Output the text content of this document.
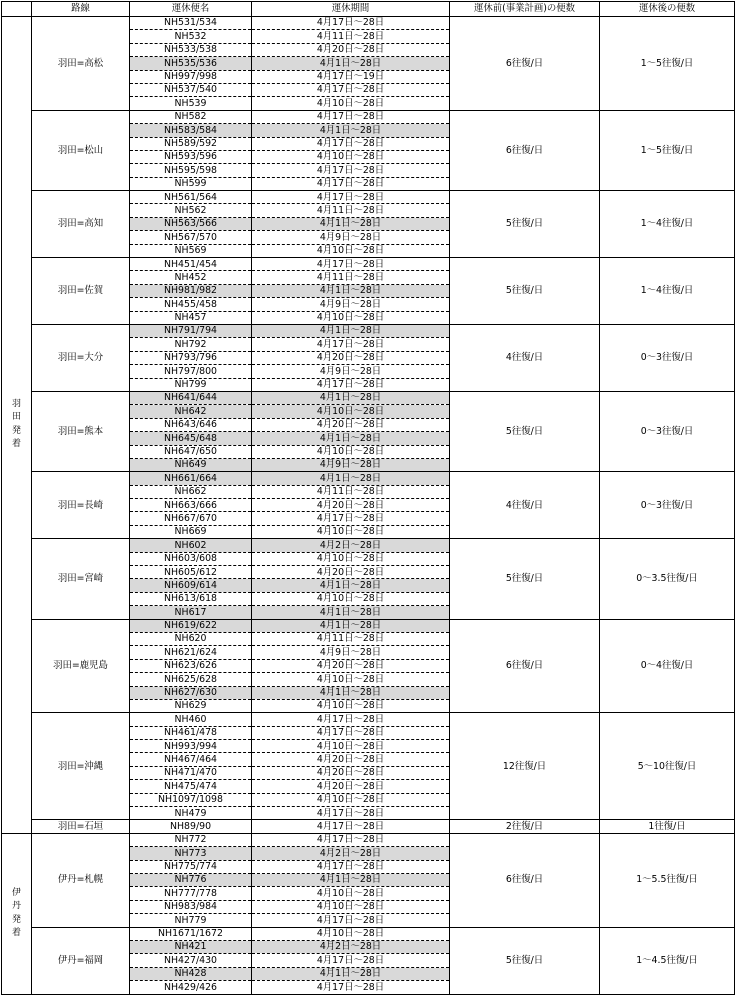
	路線	運休便名	運休期間	運休前(事業計画)の便数	運休後の便数

羽
田
発
着	羽田=高松	NH531/534	4月17日～28日	6往復/日	1～5往復/日
		NH532	4月11日～28日		
		NH533/538	4月20日～28日		
		NH535/536	4月1日～28日		
		NH997/998	4月17日～19日		
		NH537/540	4月17日～28日		
		NH539	4月10日～28日		
	羽田=松山	NH582	4月17日～28日	6往復/日	1～5往復/日
		NH583/584	4月1日～28日		
		NH589/592	4月17日～28日		
		NH593/596	4月10日～28日		
		NH595/598	4月17日～28日		
		NH599	4月17日～28日		
	羽田=高知	NH561/564	4月17日～28日	5往復/日	1～4往復/日
		NH562	4月11日～28日		
		NH563/566	4月1日～28日		
		NH567/570	4月9日～28日		
		NH569	4月10日～28日		
	羽田=佐賀	NH451/454	4月17日～28日	5往復/日	1～4往復/日
		NH452	4月11日～28日		
		NH981/982	4月1日～28日		
		NH455/458	4月9日～28日		
		NH457	4月10日～28日		
	羽田=大分	NH791/794	4月1日～28日	4往復/日	0～3往復/日
		NH792	4月17日～28日		
		NH793/796	4月20日～28日		
		NH797/800	4月9日～28日		
		NH799	4月17日～28日		
	羽田=熊本	NH641/644	4月1日～28日	5往復/日	0～3往復/日
		NH642	4月10日～28日		
		NH643/646	4月20日～28日		
		NH645/648	4月1日～28日		
		NH647/650	4月10日～28日		
		NH649	4月9日～28日		
	羽田=長崎	NH661/664	4月1日～28日	4往復/日	0～3往復/日
		NH662	4月11日～28日		
		NH663/666	4月20日～28日		
		NH667/670	4月17日～28日		
		NH669	4月10日～28日		
	羽田=宮崎	NH602	4月2日～28日	5往復/日	0～3.5往復/日
		NH603/608	4月10日～28日		
		NH605/612	4月20日～28日		
		NH609/614	4月1日～28日		
		NH613/618	4月10日～28日		
		NH617	4月1日～28日		
	羽田=鹿児島	NH619/622	4月1日～28日	6往復/日	0～4往復/日
		NH620	4月11日～28日		
		NH621/624	4月9日～28日		
		NH623/626	4月20日～28日		
		NH625/628	4月10日～28日		
		NH627/630	4月1日～28日		
		NH629	4月10日～28日		
	羽田=沖縄	NH460	4月17日～28日	12往復/日	5～10往復/日
		NH461/478	4月17日～28日		
		NH993/994	4月10日～28日		
		NH467/464	4月20日～28日		
		NH471/470	4月20日～28日		
		NH475/474	4月20日～28日		
		NH1097/1098	4月10日～28日		
		NH479	4月17日～28日		
	羽田=石垣	NH89/90	4月17日～28日	2往復/日	1往復/日

伊
丹
発
着	伊丹=札幌	NH772	4月17日～28日	6往復/日	1～5.5往復/日
		NH773	4月2日～28日		
		NH775/774	4月17日～28日		
		NH776	4月1日～28日		
		NH777/778	4月10日～28日		
		NH983/984	4月10日～28日		
		NH779	4月17日～28日		
	伊丹=福岡	NH1671/1672	4月10日～28日	5往復/日	1～4.5往復/日
		NH421	4月2日～28日		
		NH427/430	4月17日～28日		
		NH428	4月1日～28日		
		NH429/426	4月17日～28日		
